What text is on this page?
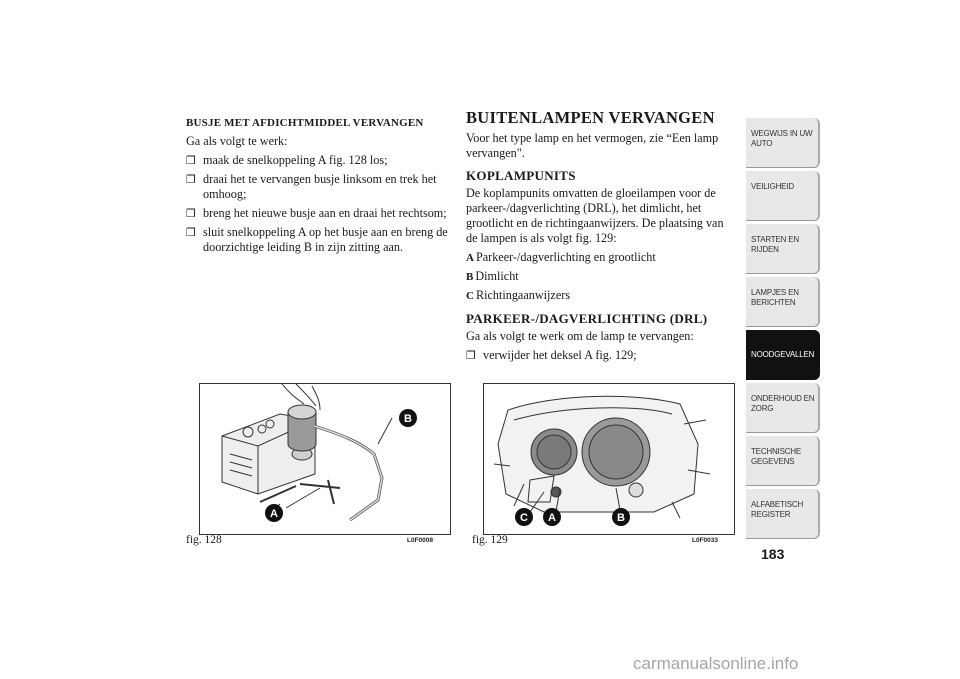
BUSJE MET AFDICHTMIDDEL VERVANGEN
Ga als volgt te werk:
❒ maak de snelkoppeling A fig. 128 los;
❒ draai het te vervangen busje linksom en trek het omhoog;
❒ breng het nieuwe busje aan en draai het rechtsom;
❒ sluit snelkoppeling A op het busje aan en breng de doorzichtige leiding B in zijn zitting aan.
BUITENLAMPEN VERVANGEN
Voor het type lamp en het vermogen, zie “Een lamp vervangen".
KOPLAMPUNITS
De koplampunits omvatten de gloeilampen voor de parkeer-/dagverlichting (DRL), het dimlicht, het grootlicht en de richtingaanwijzers. De plaatsing van de lampen is als volgt fig. 129:
A Parkeer-/dagverlichting en grootlicht
B Dimlicht
C Richtingaanwijzers
PARKEER-/DAGVERLICHTING (DRL)
Ga als volgt te werk om de lamp te vervangen:
❒ verwijder het deksel A fig. 129;
B
A	C A	B
fig. 128	L0F0008	fig. 129	L0F0033
WEGWIJS IN UW AUTO
VEILIGHEID
STARTEN EN RIJDEN
LAMPJES EN BERICHTEN
NOODGEVALLEN
ONDERHOUD EN ZORG
TECHNISCHE GEGEVENS
ALFABETISCH REGISTER
183
carmanualsonline.info
